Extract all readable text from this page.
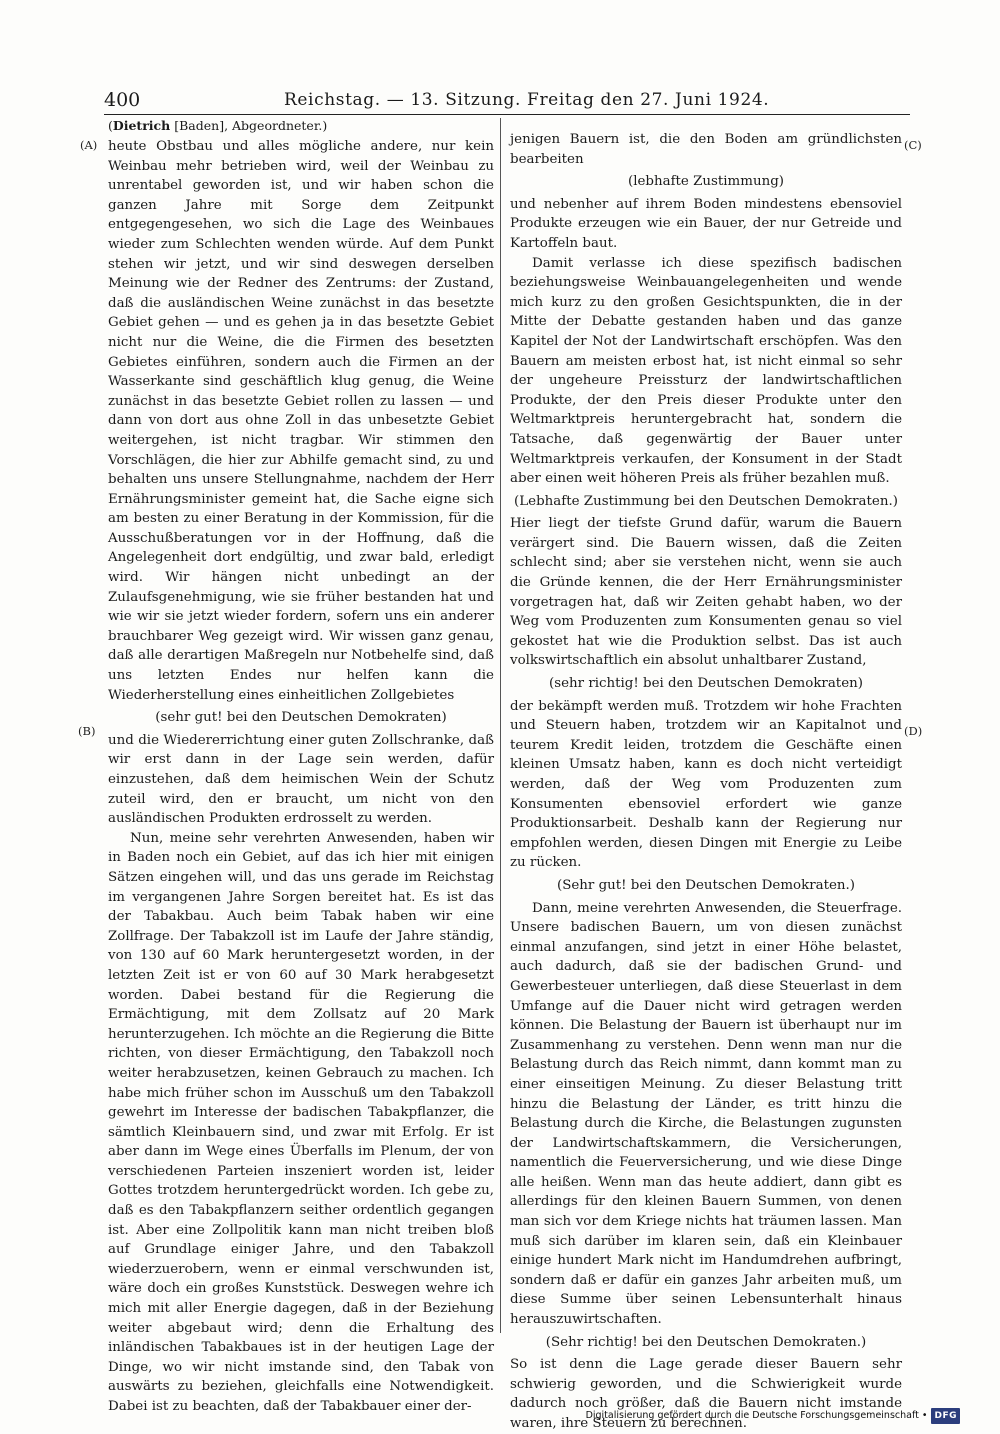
400	Reichstag. — 13. Sitzung. Freitag den 27. Juni 1924.
(A)
(B)
(C)
(D)
(Dietrich [Baden], Abgeordneter.)

heute Obstbau und alles mögliche andere, nur kein Weinbau mehr betrieben wird, weil der Weinbau zu unrentabel geworden ist, und wir haben schon die ganzen Jahre mit Sorge dem Zeitpunkt entgegengesehen, wo sich die Lage des Weinbaues wieder zum Schlechten wenden würde. Auf dem Punkt stehen wir jetzt, und wir sind deswegen derselben Meinung wie der Redner des Zentrums: der Zustand, daß die ausländischen Weine zunächst in das besetzte Gebiet gehen — und es gehen ja in das besetzte Gebiet nicht nur die Weine, die die Firmen des besetzten Gebietes einführen, sondern auch die Firmen an der Wasserkante sind geschäftlich klug genug, die Weine zunächst in das besetzte Gebiet rollen zu lassen — und dann von dort aus ohne Zoll in das unbesetzte Gebiet weitergehen, ist nicht tragbar. Wir stimmen den Vorschlägen, die hier zur Abhilfe gemacht sind, zu und behalten uns unsere Stellungnahme, nachdem der Herr Ernährungsminister gemeint hat, die Sache eigne sich am besten zu einer Beratung in der Kommission, für die Ausschußberatungen vor in der Hoffnung, daß die Angelegenheit dort endgültig, und zwar bald, erledigt wird. Wir hängen nicht unbedingt an der Zulaufsgenehmigung, wie sie früher bestanden hat und wie wir sie jetzt wieder fordern, sofern uns ein anderer brauchbarer Weg gezeigt wird. Wir wissen ganz genau, daß alle derartigen Maßregeln nur Notbehelfe sind, daß uns letzten Endes nur helfen kann die Wiederherstellung eines einheitlichen Zollgebietes

(sehr gut! bei den Deutschen Demokraten)

und die Wiedererrichtung einer guten Zollschranke, daß wir erst dann in der Lage sein werden, dafür einzustehen, daß dem heimischen Wein der Schutz zuteil wird, den er braucht, um nicht von den ausländischen Produkten erdrosselt zu werden.

Nun, meine sehr verehrten Anwesenden, haben wir in Baden noch ein Gebiet, auf das ich hier mit einigen Sätzen eingehen will, und das uns gerade im Reichstag im vergangenen Jahre Sorgen bereitet hat. Es ist das der Tabakbau. Auch beim Tabak haben wir eine Zollfrage. Der Tabakzoll ist im Laufe der Jahre ständig, von 130 auf 60 Mark heruntergesetzt worden, in der letzten Zeit ist er von 60 auf 30 Mark herabgesetzt worden. Dabei bestand für die Regierung die Ermächtigung, mit dem Zollsatz auf 20 Mark herunterzugehen. Ich möchte an die Regierung die Bitte richten, von dieser Ermächtigung, den Tabakzoll noch weiter herabzusetzen, keinen Gebrauch zu machen. Ich habe mich früher schon im Ausschuß um den Tabakzoll gewehrt im Interesse der badischen Tabakpflanzer, die sämtlich Kleinbauern sind, und zwar mit Erfolg. Er ist aber dann im Wege eines Überfalls im Plenum, der von verschiedenen Parteien inszeniert worden ist, leider Gottes trotzdem heruntergedrückt worden. Ich gebe zu, daß es den Tabakpflanzern seither ordentlich gegangen ist. Aber eine Zollpolitik kann man nicht treiben bloß auf Grundlage einiger Jahre, und den Tabakzoll wiederzuerobern, wenn er einmal verschwunden ist, wäre doch ein großes Kunststück. Deswegen wehre ich mich mit aller Energie dagegen, daß in der Beziehung weiter abgebaut wird; denn die Erhaltung des inländischen Tabakbaues ist in der heutigen Lage der Dinge, wo wir nicht imstande sind, den Tabak von auswärts zu beziehen, gleichfalls eine Notwendigkeit. Dabei ist zu beachten, daß der Tabakbauer einer der-

jenigen Bauern ist, die den Boden am gründlichsten bearbeiten

(lebhafte Zustimmung)

und nebenher auf ihrem Boden mindestens ebensoviel Produkte erzeugen wie ein Bauer, der nur Getreide und Kartoffeln baut.

Damit verlasse ich diese spezifisch badischen beziehungsweise Weinbauangelegenheiten und wende mich kurz zu den großen Gesichtspunkten, die in der Mitte der Debatte gestanden haben und das ganze Kapitel der Not der Landwirtschaft erschöpfen. Was den Bauern am meisten erbost hat, ist nicht einmal so sehr der ungeheure Preissturz der landwirtschaftlichen Produkte, der den Preis dieser Produkte unter den Weltmarktpreis heruntergebracht hat, sondern die Tatsache, daß gegenwärtig der Bauer unter Weltmarktpreis verkaufen, der Konsument in der Stadt aber einen weit höheren Preis als früher bezahlen muß.

(Lebhafte Zustimmung bei den Deutschen Demokraten.)

Hier liegt der tiefste Grund dafür, warum die Bauern verärgert sind. Die Bauern wissen, daß die Zeiten schlecht sind; aber sie verstehen nicht, wenn sie auch die Gründe kennen, die der Herr Ernährungsminister vorgetragen hat, daß wir Zeiten gehabt haben, wo der Weg vom Produzenten zum Konsumenten genau so viel gekostet hat wie die Produktion selbst. Das ist auch volkswirtschaftlich ein absolut unhaltbarer Zustand,

(sehr richtig! bei den Deutschen Demokraten)

der bekämpft werden muß. Trotzdem wir hohe Frachten und Steuern haben, trotzdem wir an Kapitalnot und teurem Kredit leiden, trotzdem die Geschäfte einen kleinen Umsatz haben, kann es doch nicht verteidigt werden, daß der Weg vom Produzenten zum Konsumenten ebensoviel erfordert wie ganze Produktionsarbeit. Deshalb kann der Regierung nur empfohlen werden, diesen Dingen mit Energie zu Leibe zu rücken.

(Sehr gut! bei den Deutschen Demokraten.)

Dann, meine verehrten Anwesenden, die Steuerfrage. Unsere badischen Bauern, um von diesen zunächst einmal anzufangen, sind jetzt in einer Höhe belastet, auch dadurch, daß sie der badischen Grund- und Gewerbesteuer unterliegen, daß diese Steuerlast in dem Umfange auf die Dauer nicht wird getragen werden können. Die Belastung der Bauern ist überhaupt nur im Zusammenhang zu verstehen. Denn wenn man nur die Belastung durch das Reich nimmt, dann kommt man zu einer einseitigen Meinung. Zu dieser Belastung tritt hinzu die Belastung der Länder, es tritt hinzu die Belastung durch die Kirche, die Belastungen zugunsten der Landwirtschaftskammern, die Versicherungen, namentlich die Feuerversicherung, und wie diese Dinge alle heißen. Wenn man das heute addiert, dann gibt es allerdings für den kleinen Bauern Summen, von denen man sich vor dem Kriege nichts hat träumen lassen. Man muß sich darüber im klaren sein, daß ein Kleinbauer einige hundert Mark nicht im Handumdrehen aufbringt, sondern daß er dafür ein ganzes Jahr arbeiten muß, um diese Summe über seinen Lebensunterhalt hinaus herauszuwirtschaften.

(Sehr richtig! bei den Deutschen Demokraten.)

So ist denn die Lage gerade dieser Bauern sehr schwierig geworden, und die Schwierigkeit wurde dadurch noch größer, daß die Bauern nicht imstande waren, ihre Steuern zu berechnen.

Digitalisierung gefördert durch die Deutsche Forschungsgemeinschaft • DFG
